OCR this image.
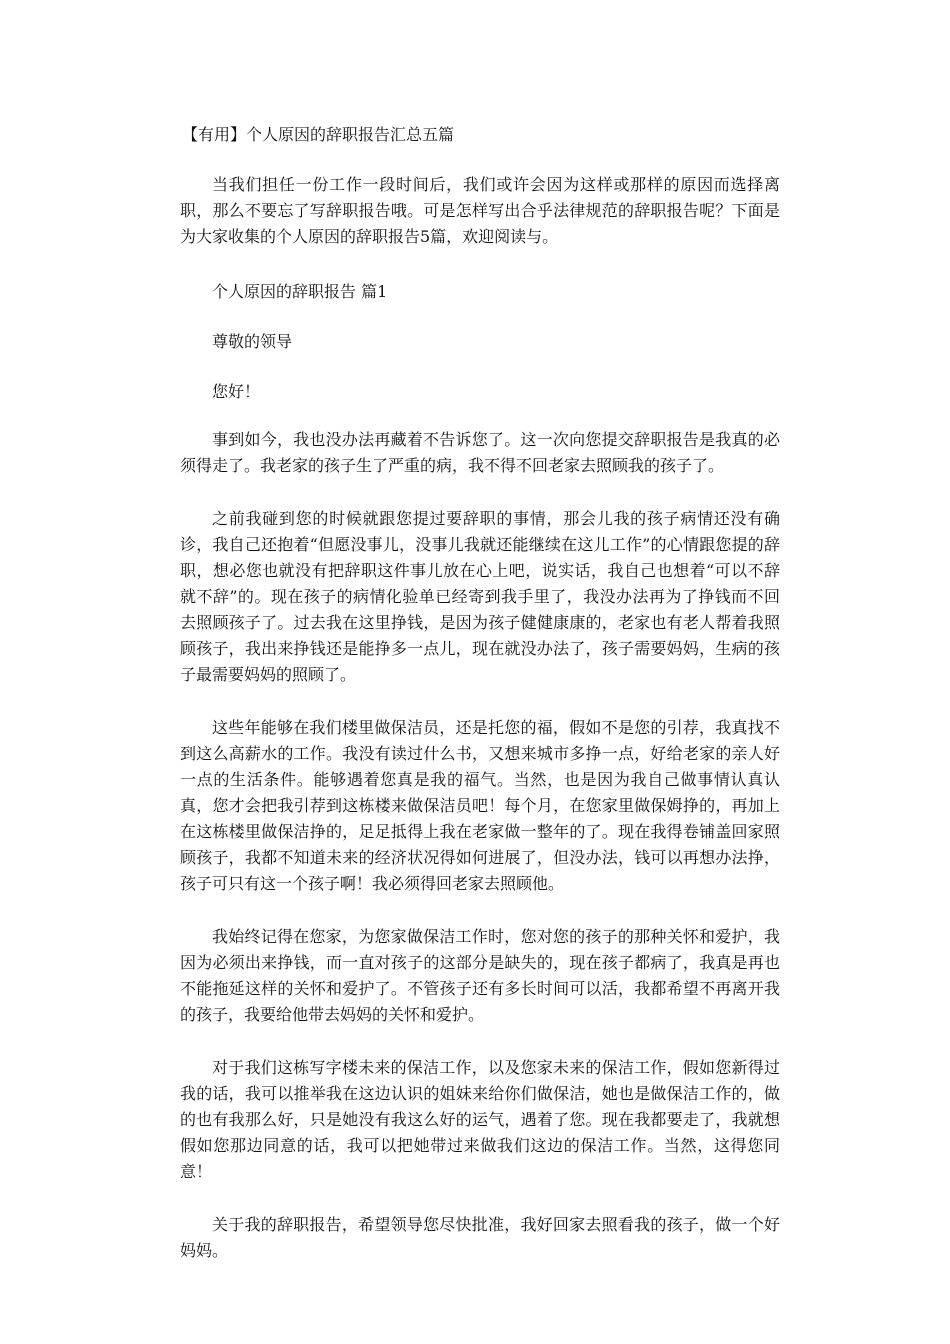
【有用】个人原因的辞职报告汇总五篇

当我们担任一份工作一段时间后，我们或许会因为这样或那样的原因而选择离职，那么不要忘了写辞职报告哦。可是怎样写出合乎法律规范的辞职报告呢？下面是为大家收集的个人原因的辞职报告5篇，欢迎阅读与。

个人原因的辞职报告 篇1

尊敬的领导

您好！

事到如今，我也没办法再藏着不告诉您了。这一次向您提交辞职报告是我真的必须得走了。我老家的孩子生了严重的病，我不得不回老家去照顾我的孩子了。

之前我碰到您的时候就跟您提过要辞职的事情，那会儿我的孩子病情还没有确诊，我自己还抱着“但愿没事儿，没事儿我就还能继续在这儿工作”的心情跟您提的辞职，想必您也就没有把辞职这件事儿放在心上吧，说实话，我自己也想着“可以不辞就不辞”的。现在孩子的病情化验单已经寄到我手里了，我没办法再为了挣钱而不回去照顾孩子了。过去我在这里挣钱，是因为孩子健健康康的，老家也有老人帮着我照顾孩子，我出来挣钱还是能挣多一点儿，现在就没办法了，孩子需要妈妈，生病的孩子最需要妈妈的照顾了。

这些年能够在我们楼里做保洁员，还是托您的福，假如不是您的引荐，我真找不到这么高薪水的工作。我没有读过什么书，又想来城市多挣一点，好给老家的亲人好一点的生活条件。能够遇着您真是我的福气。当然，也是因为我自己做事情认真认真，您才会把我引荐到这栋楼来做保洁员吧！每个月，在您家里做保姆挣的，再加上在这栋楼里做保洁挣的，足足抵得上我在老家做一整年的了。现在我得卷铺盖回家照顾孩子，我都不知道未来的经济状况得如何进展了，但没办法，钱可以再想办法挣，孩子可只有这一个孩子啊！我必须得回老家去照顾他。

我始终记得在您家，为您家做保洁工作时，您对您的孩子的那种关怀和爱护，我因为必须出来挣钱，而一直对孩子的这部分是缺失的，现在孩子都病了，我真是再也不能拖延这样的关怀和爱护了。不管孩子还有多长时间可以活，我都希望不再离开我的孩子，我要给他带去妈妈的关怀和爱护。

对于我们这栋写字楼未来的保洁工作，以及您家未来的保洁工作，假如您新得过我的话，我可以推举我在这边认识的姐妹来给你们做保洁，她也是做保洁工作的，做的也有我那么好，只是她没有我这么好的运气，遇着了您。现在我都要走了，我就想假如您那边同意的话，我可以把她带过来做我们这边的保洁工作。当然，这得您同意！

关于我的辞职报告，希望领导您尽快批准，我好回家去照看我的孩子，做一个好妈妈。
